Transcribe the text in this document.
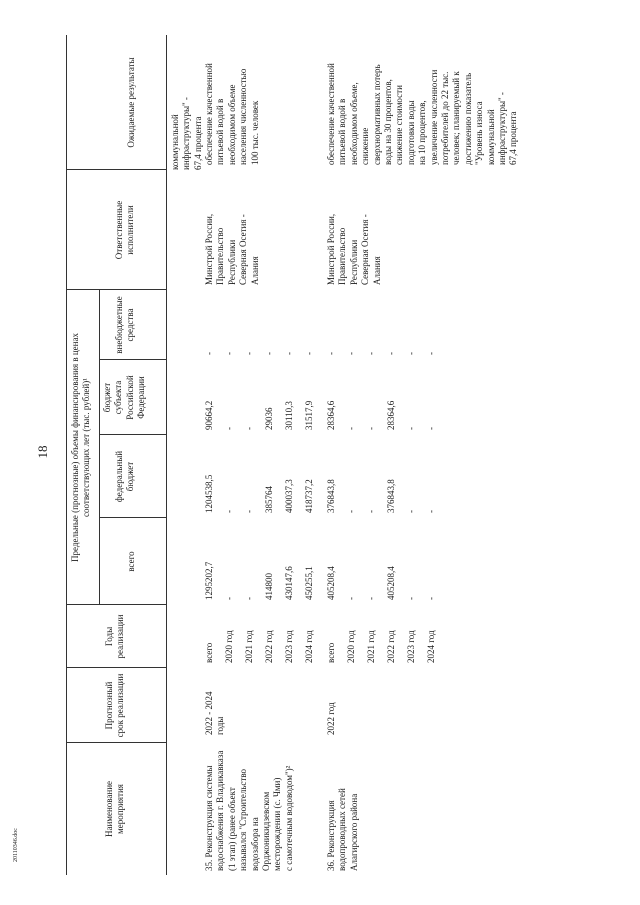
18
20110346.doc
Наименование мероприятия
Прогнозный срок реализации
Годы реализации
Предельные (прогнозные) объемы финансирования в ценах соответствующих лет (тыс. рублей)¹
всего
федеральный бюджет
бюджет субъекта Российской Федерации
внебюджетные средства
Ответственные исполнители
Ожидаемые результаты	коммунальной инфраструктуры" - 67,4 процента
35. Реконструкция системы водоснабжения г. Владикавказа (1 этап) (ранее объект назывался "Строительство водозабора на Орджоникидзевском месторождении (с. Чми) с самотечным водоводом")²
2022 - 2024 годы
Минстрой России, Правительство Республики Северная Осетия - Алания
обеспечение качественной питьевой водой в необходимом объеме населения численностью 100 тыс. человек
всего
1295202,7
1204538,5
90664,2
-
2020 год
-
-
-
-
2021 год
-
-
-
-
2022 год
414800
385764
29036
-
2023 год
430147,6
400037,3
30110,3
-
2024 год
450255,1
418737,2
31517,9
-
36. Реконструкция водопроводных сетей Алагирского района
2022 год
Минстрой России, Правительство Республики Северная Осетия - Алания
обеспечение качественной питьевой водой в необходимом объеме, снижение сверхнормативных потерь воды на 30 процентов, снижение стоимости подготовки воды на 10 процентов, увеличение численности потребителей до 22 тыс. человек; планируемый к достижению показатель "Уровень износа коммунальной инфраструктуры" - 67,4 процента
всего
405208,4
376843,8
28364,6
-
2020 год
-
-
-
-
2021 год
-
-
-
-
2022 год
405208,4
376843,8
28364,6
-
2023 год
-
-
-
-
2024 год
-
-
-
-
